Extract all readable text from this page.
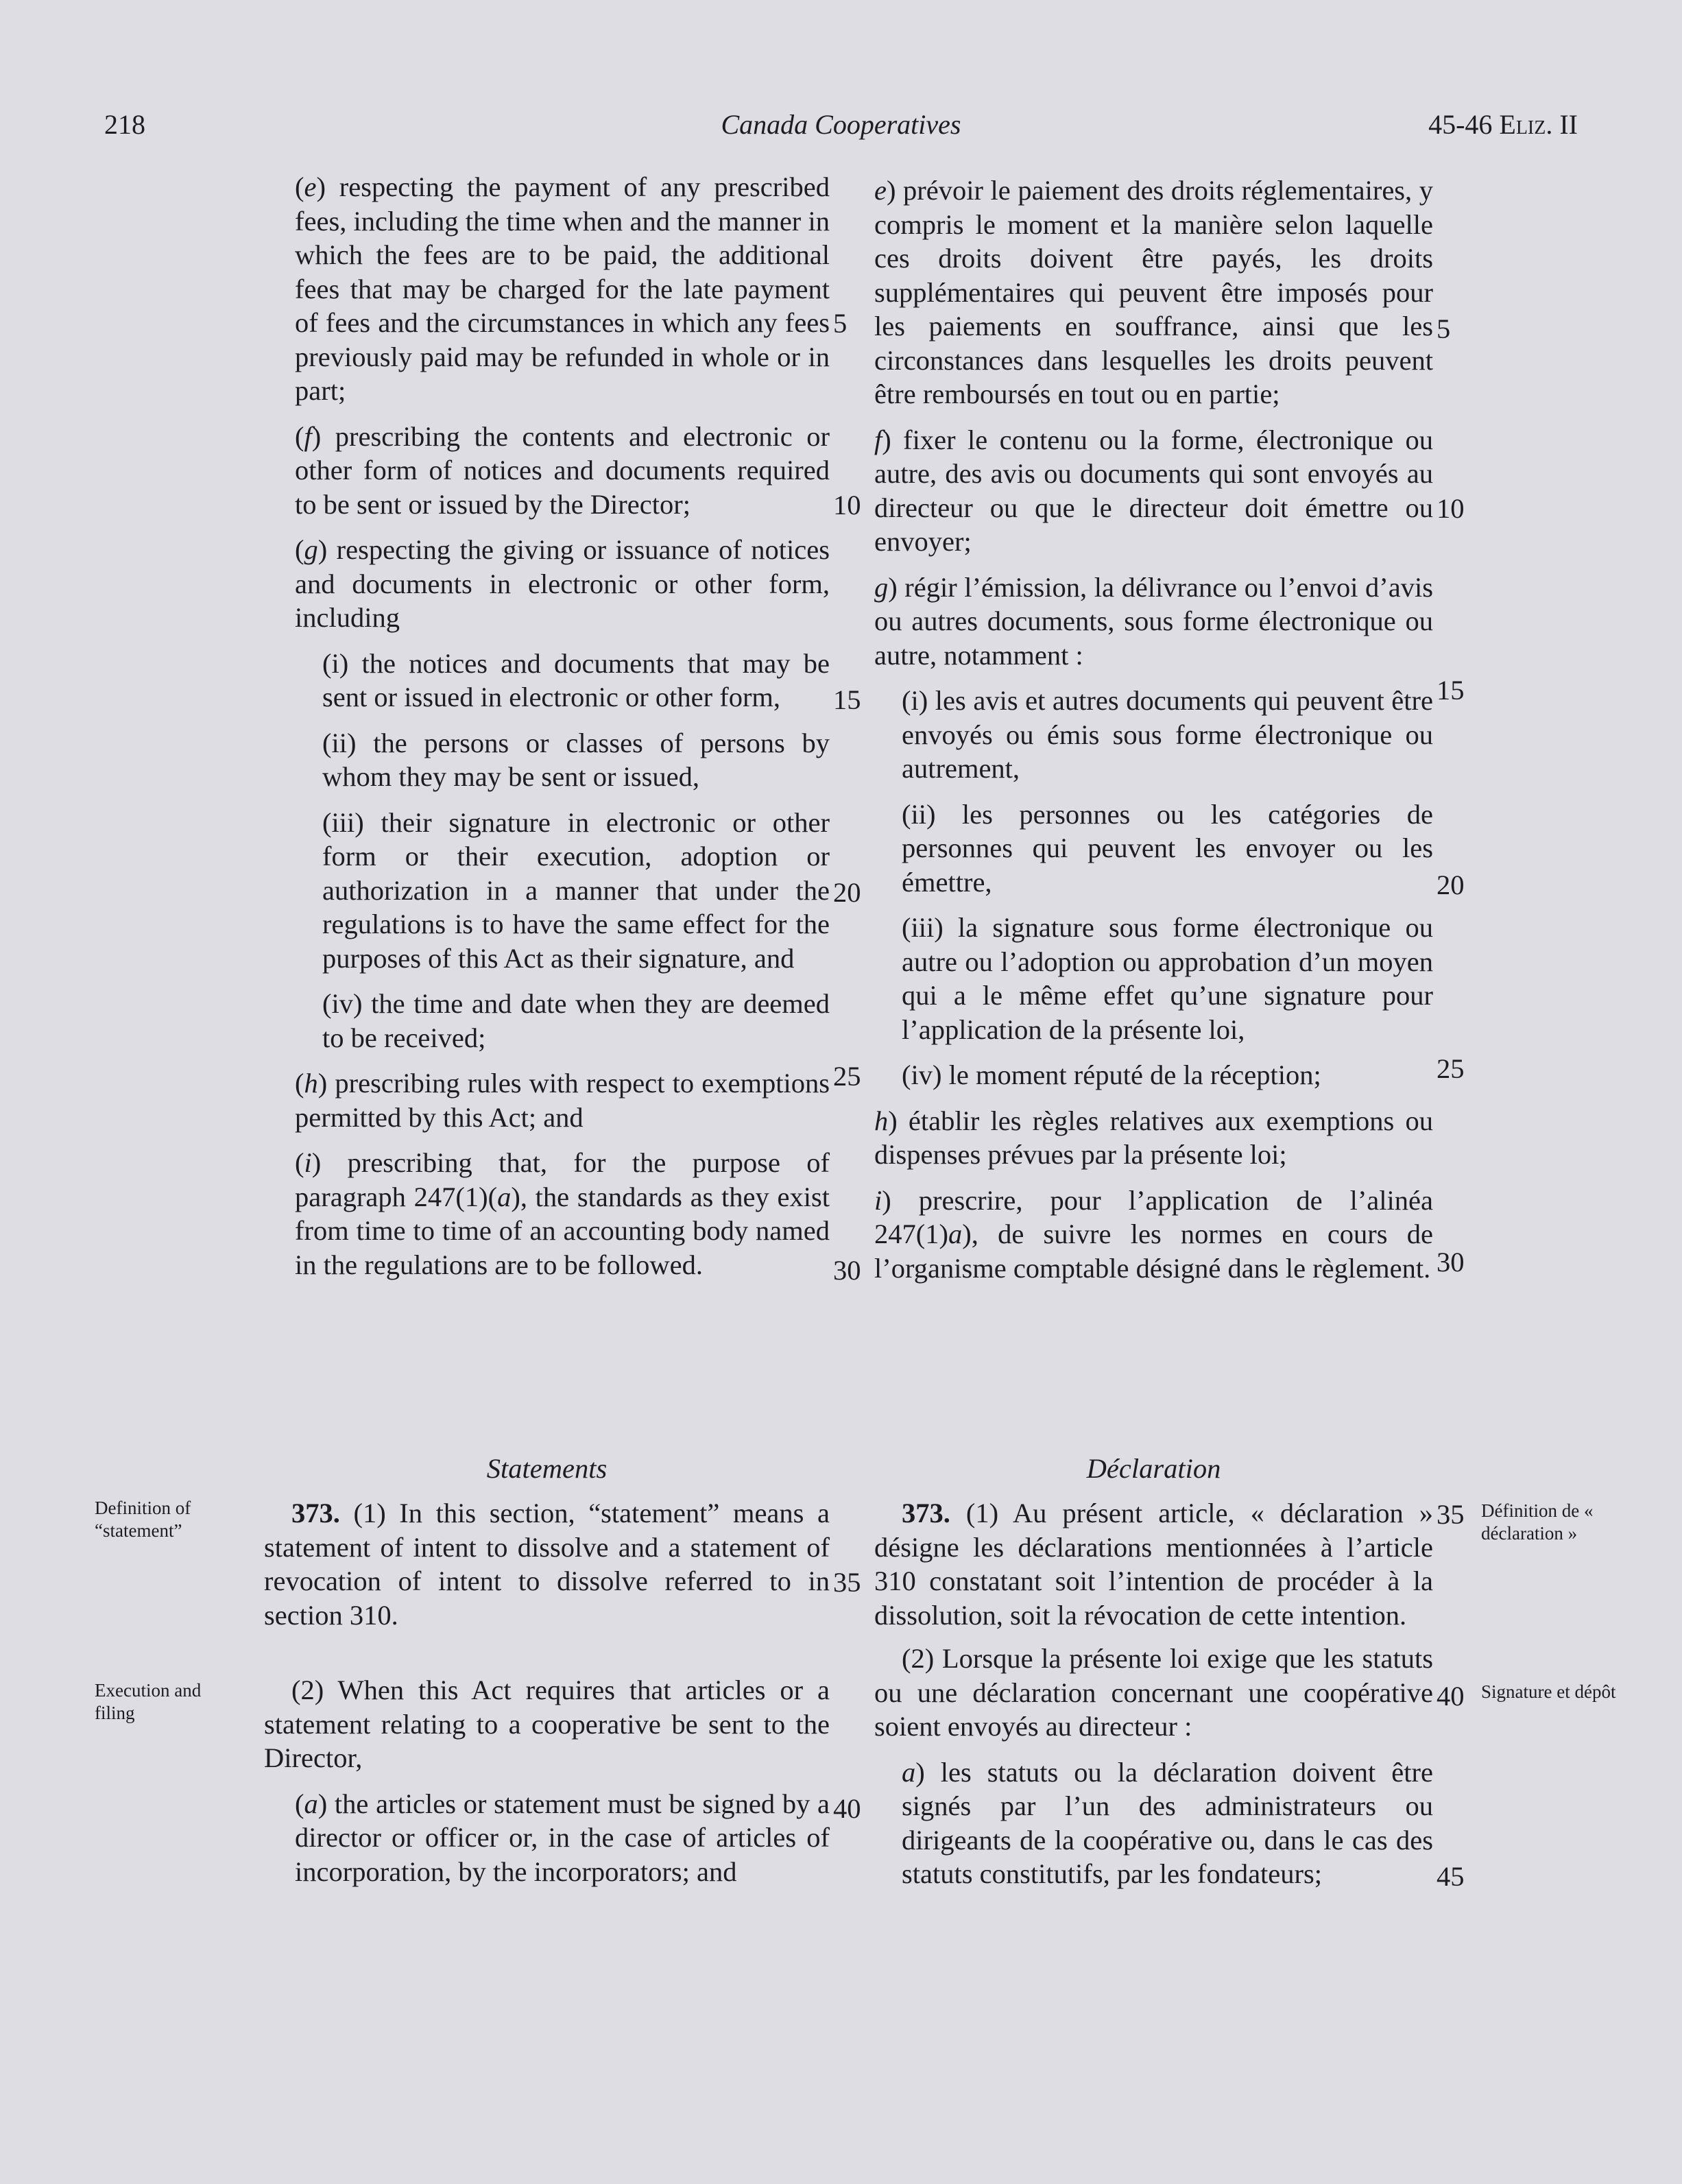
218	Canada Cooperatives	45-46 Eliz. II

(e) respecting the payment of any prescribed fees, including the time when and the manner in which the fees are to be paid, the additional fees that may be charged for the late payment of fees and the circumstances in which any fees previously paid may be refunded in whole or in part;

(f) prescribing the contents and electronic or other form of notices and documents required to be sent or issued by the Director;

(g) respecting the giving or issuance of notices and documents in electronic or other form, including

(i) the notices and documents that may be sent or issued in electronic or other form,

(ii) the persons or classes of persons by whom they may be sent or issued,

(iii) their signature in electronic or other form or their execution, adoption or authorization in a manner that under the regulations is to have the same effect for the purposes of this Act as their signature, and

(iv) the time and date when they are deemed to be received;

(h) prescribing rules with respect to exemptions permitted by this Act; and

(i) prescribing that, for the purpose of paragraph 247(1)(a), the standards as they exist from time to time of an accounting body named in the regulations are to be followed.

e) prévoir le paiement des droits réglementaires, y compris le moment et la manière selon laquelle ces droits doivent être payés, les droits supplémentaires qui peuvent être imposés pour les paiements en souffrance, ainsi que les circonstances dans lesquelles les droits peuvent être remboursés en tout ou en partie;

f) fixer le contenu ou la forme, électronique ou autre, des avis ou documents qui sont envoyés au directeur ou que le directeur doit émettre ou envoyer;

g) régir l’émission, la délivrance ou l’envoi d’avis ou autres documents, sous forme électronique ou autre, notamment :

(i) les avis et autres documents qui peuvent être envoyés ou émis sous forme électronique ou autrement,

(ii) les personnes ou les catégories de personnes qui peuvent les envoyer ou les émettre,

(iii) la signature sous forme électronique ou autre ou l’adoption ou approbation d’un moyen qui a le même effet qu’une signature pour l’application de la présente loi,

(iv) le moment réputé de la réception;

h) établir les règles relatives aux exemptions ou dispenses prévues par la présente loi;

i) prescrire, pour l’application de l’alinéa 247(1)a), de suivre les normes en cours de l’organisme comptable désigné dans le règlement.

Statements	Déclaration

373. (1) In this section, “statement” means a statement of intent to dissolve and a statement of revocation of intent to dissolve referred to in section 310.

(2) When this Act requires that articles or a statement relating to a cooperative be sent to the Director,

(a) the articles or statement must be signed by a director or officer or, in the case of articles of incorporation, by the incorporators; and

373. (1) Au présent article, « déclaration » désigne les déclarations mentionnées à l’article 310 constatant soit l’intention de procéder à la dissolution, soit la révocation de cette intention.

(2) Lorsque la présente loi exige que les statuts ou une déclaration concernant une coopérative soient envoyés au directeur :

a) les statuts ou la déclaration doivent être signés par l’un des administrateurs ou dirigeants de la coopérative ou, dans le cas des statuts constitutifs, par les fondateurs;

5
10
15
20
25
30
35
40
5
10
15
20
25
30
35
40
45
Definition of “statement”
Execution and filing
Définition de « déclaration »
Signature et dépôt
